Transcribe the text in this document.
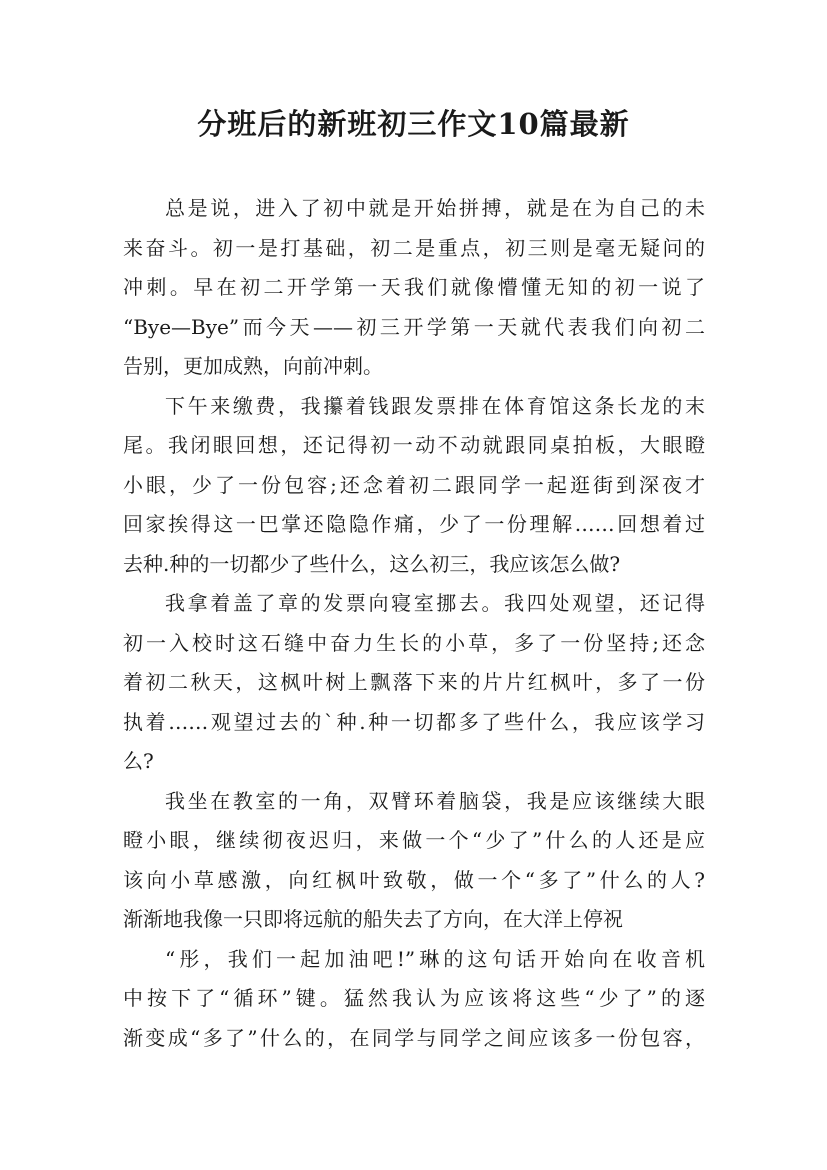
分班后的新班初三作文10篇最新
总是说，进入了初中就是开始拼搏，就是在为自己的未
来奋斗。初一是打基础，初二是重点，初三则是毫无疑问的
冲刺。早在初二开学第一天我们就像懵懂无知的初一说了
“Bye—Bye”而今天——初三开学第一天就代表我们向初二
告别，更加成熟，向前冲刺。
下午来缴费，我攥着钱跟发票排在体育馆这条长龙的末
尾。我闭眼回想，还记得初一动不动就跟同桌拍板，大眼瞪
小眼，少了一份包容;还念着初二跟同学一起逛街到深夜才
回家挨得这一巴掌还隐隐作痛，少了一份理解……回想着过
去种.种的一切都少了些什么，这么初三，我应该怎么做?
我拿着盖了章的发票向寝室挪去。我四处观望，还记得
初一入校时这石缝中奋力生长的小草，多了一份坚持;还念
着初二秋天，这枫叶树上飘落下来的片片红枫叶，多了一份
执着……观望过去的`种.种一切都多了些什么，我应该学习
么?
我坐在教室的一角，双臂环着脑袋，我是应该继续大眼
瞪小眼，继续彻夜迟归，来做一个“少了”什么的人还是应
该向小草感激，向红枫叶致敬，做一个“多了”什么的人?
渐渐地我像一只即将远航的船失去了方向，在大洋上停祝
“彤，我们一起加油吧!”琳的这句话开始向在收音机
中按下了“循环”键。猛然我认为应该将这些“少了”的逐
渐变成“多了”什么的，在同学与同学之间应该多一份包容，
